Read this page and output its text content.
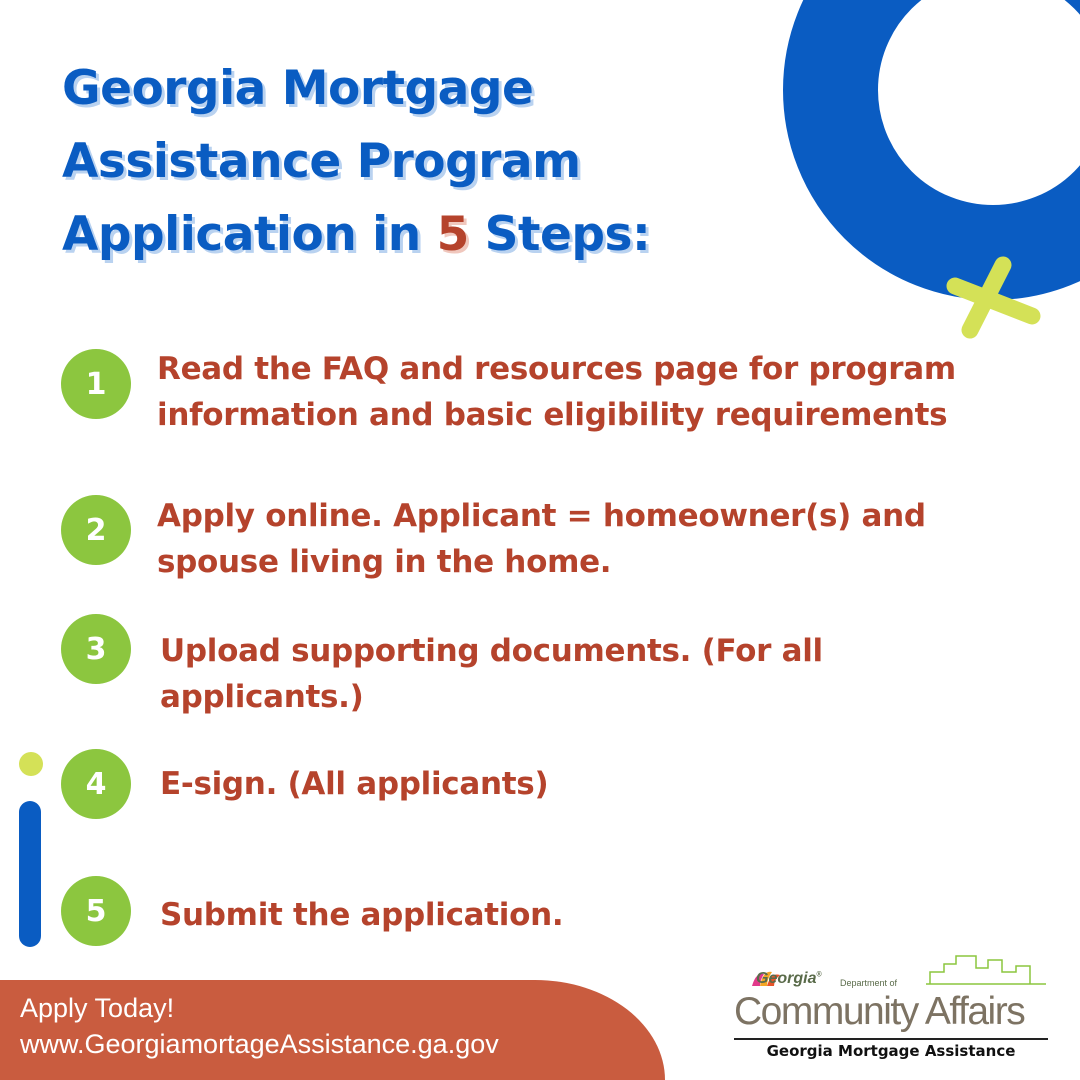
Georgia Mortgage
Assistance Program
Application in 5 Steps:
1 Read the FAQ and resources page for program
information and basic eligibility requirements
2 Apply online. Applicant = homeowner(s) and
spouse living in the home.
3 Upload supporting documents. (For all
applicants.)
4 E-sign. (All applicants)
5 Submit the application.
Apply Today!
www.GeorgiamortageAssistance.ga.gov
Georgia®
Department of
Community Affairs
Georgia Mortgage Assistance
